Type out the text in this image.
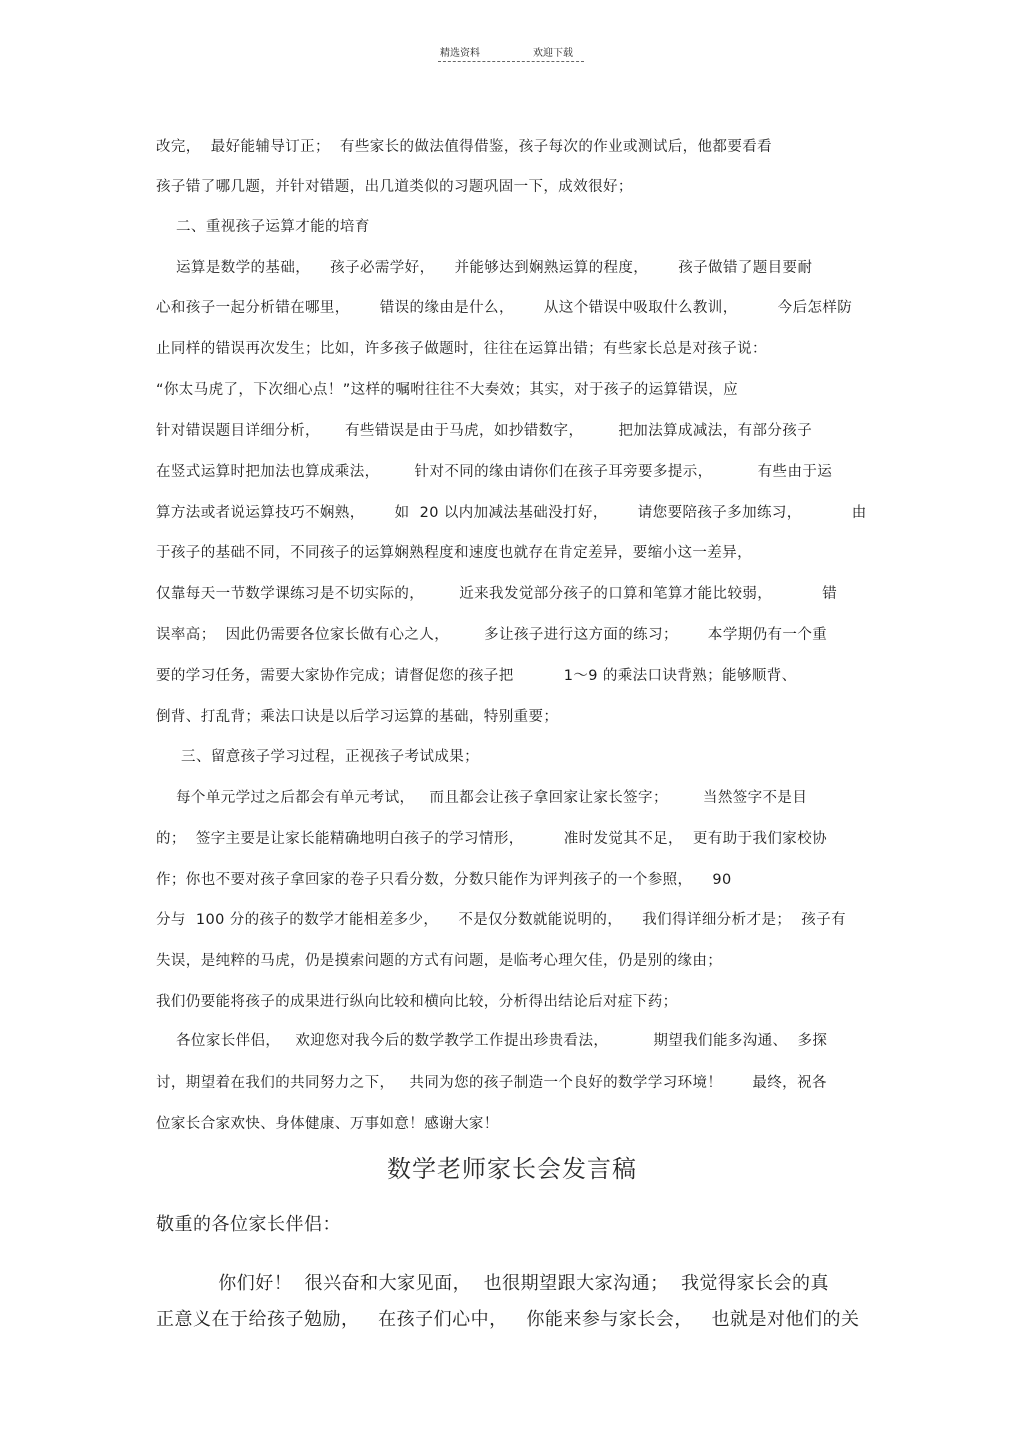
精选资料	欢迎下载
改完，  最好能辅导订正；  有些家长的做法值得借鉴，孩子每次的作业或测试后，他都要看看
孩子错了哪几题，并针对错题，出几道类似的习题巩固一下，成效很好；
二、重视孩子运算才能的培育
运算是数学的基础，    孩子必需学好，    并能够达到娴熟运算的程度，      孩子做错了题目要耐
心和孩子一起分析错在哪里，      错误的缘由是什么，      从这个错误中吸取什么教训，        今后怎样防
止同样的错误再次发生；比如，许多孩子做题时，往往在运算出错；有些家长总是对孩子说：
“你太马虎了，下次细心点！”这样的嘱咐往往不大奏效；其实，对于孩子的运算错误，应
针对错误题目详细分析，     有些错误是由于马虎，如抄错数字，       把加法算成减法，有部分孩子
在竖式运算时把加法也算成乘法，       针对不同的缘由请你们在孩子耳旁要多提示，         有些由于运
算方法或者说运算技巧不娴熟，      如  20 以内加减法基础没打好，      请您要陪孩子多加练习，          由
于孩子的基础不同，不同孩子的运算娴熟程度和速度也就存在肯定差异，要缩小这一差异，
仅靠每天一节数学课练习是不切实际的，       近来我发觉部分孩子的口算和笔算才能比较弱，          错
误率高；  因此仍需要各位家长做有心之人，       多让孩子进行这方面的练习；      本学期仍有一个重
要的学习任务，需要大家协作完成；请督促您的孩子把          1～9 的乘法口诀背熟；能够顺背、
倒背、打乱背；乘法口诀是以后学习运算的基础，特别重要；
三、留意孩子学习过程，正视孩子考试成果；
每个单元学过之后都会有单元考试，   而且都会让孩子拿回家让家长签字；       当然签字不是目
的；  签字主要是让家长能精确地明白孩子的学习情形，        准时发觉其不足，  更有助于我们家校协
作；你也不要对孩子拿回家的卷子只看分数，分数只能作为评判孩子的一个参照，    90
分与  100 分的孩子的数学才能相差多少，    不是仅分数就能说明的，    我们得详细分析才是；  孩子有
失误，是纯粹的马虎，仍是摸索问题的方式有问题，是临考心理欠佳，仍是别的缘由；
我们仍要能将孩子的成果进行纵向比较和横向比较，分析得出结论后对症下药；
各位家长伴侣，   欢迎您对我今后的数学教学工作提出珍贵看法，         期望我们能多沟通、  多探
讨，期望着在我们的共同努力之下，   共同为您的孩子制造一个良好的数学学习环境！      最终，祝各
位家长合家欢快、身体健康、万事如意！感谢大家！
数学老师家长会发言稿
敬重的各位家长伴侣：
你们好！  很兴奋和大家见面，  也很期望跟大家沟通；  我觉得家长会的真
正意义在于给孩子勉励，   在孩子们心中，   你能来参与家长会，   也就是对他们的关
